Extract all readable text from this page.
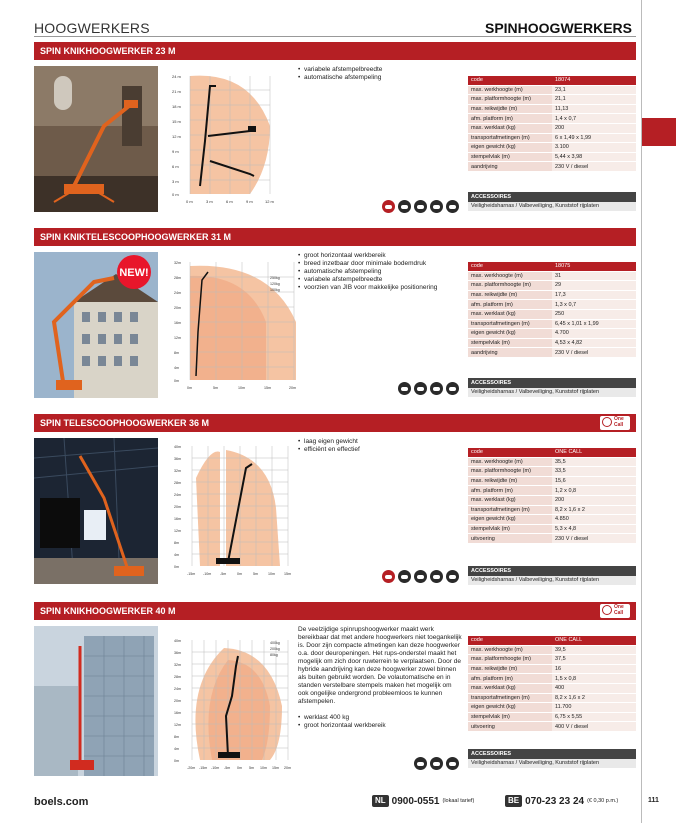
HOOGWERKERS	SPINHOOGWERKERS
SPIN KNIKHOOGWERKER 23 M
24 m
21 m
18 m
15 m
12 m
9 m
6 m
3 m
0 m
0 m	3 m	6 m	9 m	12 m
• variabele afstempelbreedte
• automatische afstempeling	code	18074
max. werkhoogte (m)	23,1
max. platformhoogte (m)	21,1
max. reikwijdte (m)	11,13
afm. platform (m)	1,4 x 0,7
max. werklast (kg)	200
transportafmetingen (m)	6 x 1,49 x 1,99
eigen gewicht (kg)	3.100
stempelvlak (m)	5,44 x 3,98
aandrijving	230 V / diesel
ACCESSOIRES
Veiligheidsharnas / Valbeveiliging, Kunststof rijplaten
SPIN KNIKTELESCOOPHOOGWERKER 31 M
NEW!	250kg
120kg
100kg
32m
28m
24m
20m
16m
12m
8m
4m
0m
0m	5m	10m	15m	20m
• groot horizontaal werkbereik
• breed inzetbaar door minimale bodemdruk
• automatische afstempeling
• variabele afstempelbreedte
• voorzien van JIB voor makkelijke positionering
code	18075
max. werkhoogte (m)	31
max. platformhoogte (m)	29
max. reikwijdte (m)	17,3
afm. platform (m)	1,3 x 0,7
max. werklast (kg)	250
transportafmetingen (m)	6,45 x 1,01 x 1,99
eigen gewicht (kg)	4.700
stempelvlak (m)	4,53 x 4,82
aandrijving	230 V / diesel
ACCESSOIRES
Veiligheidsharnas / Valbeveiliging, Kunststof rijplaten
SPIN TELESCOOPHOOGWERKER 36 M	One Call
40m
36m
32m
28m
24m
20m
16m
12m
8m
4m
0m
-15m -10m -5m	0m	5m	10m	15m
• laag eigen gewicht
• efficiënt en effectief	code	ONE CALL
max. werkhoogte (m)	35,5
max. platformhoogte (m)	33,5
max. reikwijdte (m)	15,6
afm. platform (m)	1,2 x 0,8
max. werklast (kg)	200
transportafmetingen (m)	8,2 x 1,6 x 2
eigen gewicht (kg)	4.850
stempelvlak (m)	5,3 x 4,8
uitvoering	230 V / diesel
ACCESSOIRES
Veiligheidsharnas / Valbeveiliging, Kunststof rijplaten
SPIN KNIKHOOGWERKER 40 M	One Call
400kg
200kg
80kg
40m
36m
32m
28m
24m
20m
16m
12m
8m
4m
0m
-20m -15m -10m -5m 0m 5m 10m 15m 20m
De veelzijdige spinrupshoogwerker maakt werk bereikbaar dat met andere hoogwerkers niet toegankelijk is. Door zijn compacte afmetingen kan deze hoogwerker o.a. door deuropeningen. Het rups-onderstel maakt het mogelijk om zich door ruwterrein te verplaatsen. Door de hybride aandrijving kan deze hoogwerker zowel binnen als buiten gebruikt worden. De volautomatische en in standen verstelbare stempels maken het mogelijk om ook ongelijke ondergrond probleemloos te kunnen afstempelen.
• werklast 400 kg
• groot horizontaal werkbereik
code	ONE CALL
max. werkhoogte (m)	39,5
max. platformhoogte (m)	37,5
max. reikwijdte (m)	16
afm. platform (m)	1,5 x 0,8
max. werklast (kg)	400
transportafmetingen (m)	8,2 x 1,6 x 2
eigen gewicht (kg)	11.700
stempelvlak (m)	6,75 x 5,55
uitvoering	400 V / diesel
ACCESSOIRES
Veiligheidsharnas / Valbeveiliging, Kunststof rijplaten
boels.com	NL 0900-0551 (lokaal tarief)	BE 070-23 23 24 (€ 0,30 p.m.)	111
